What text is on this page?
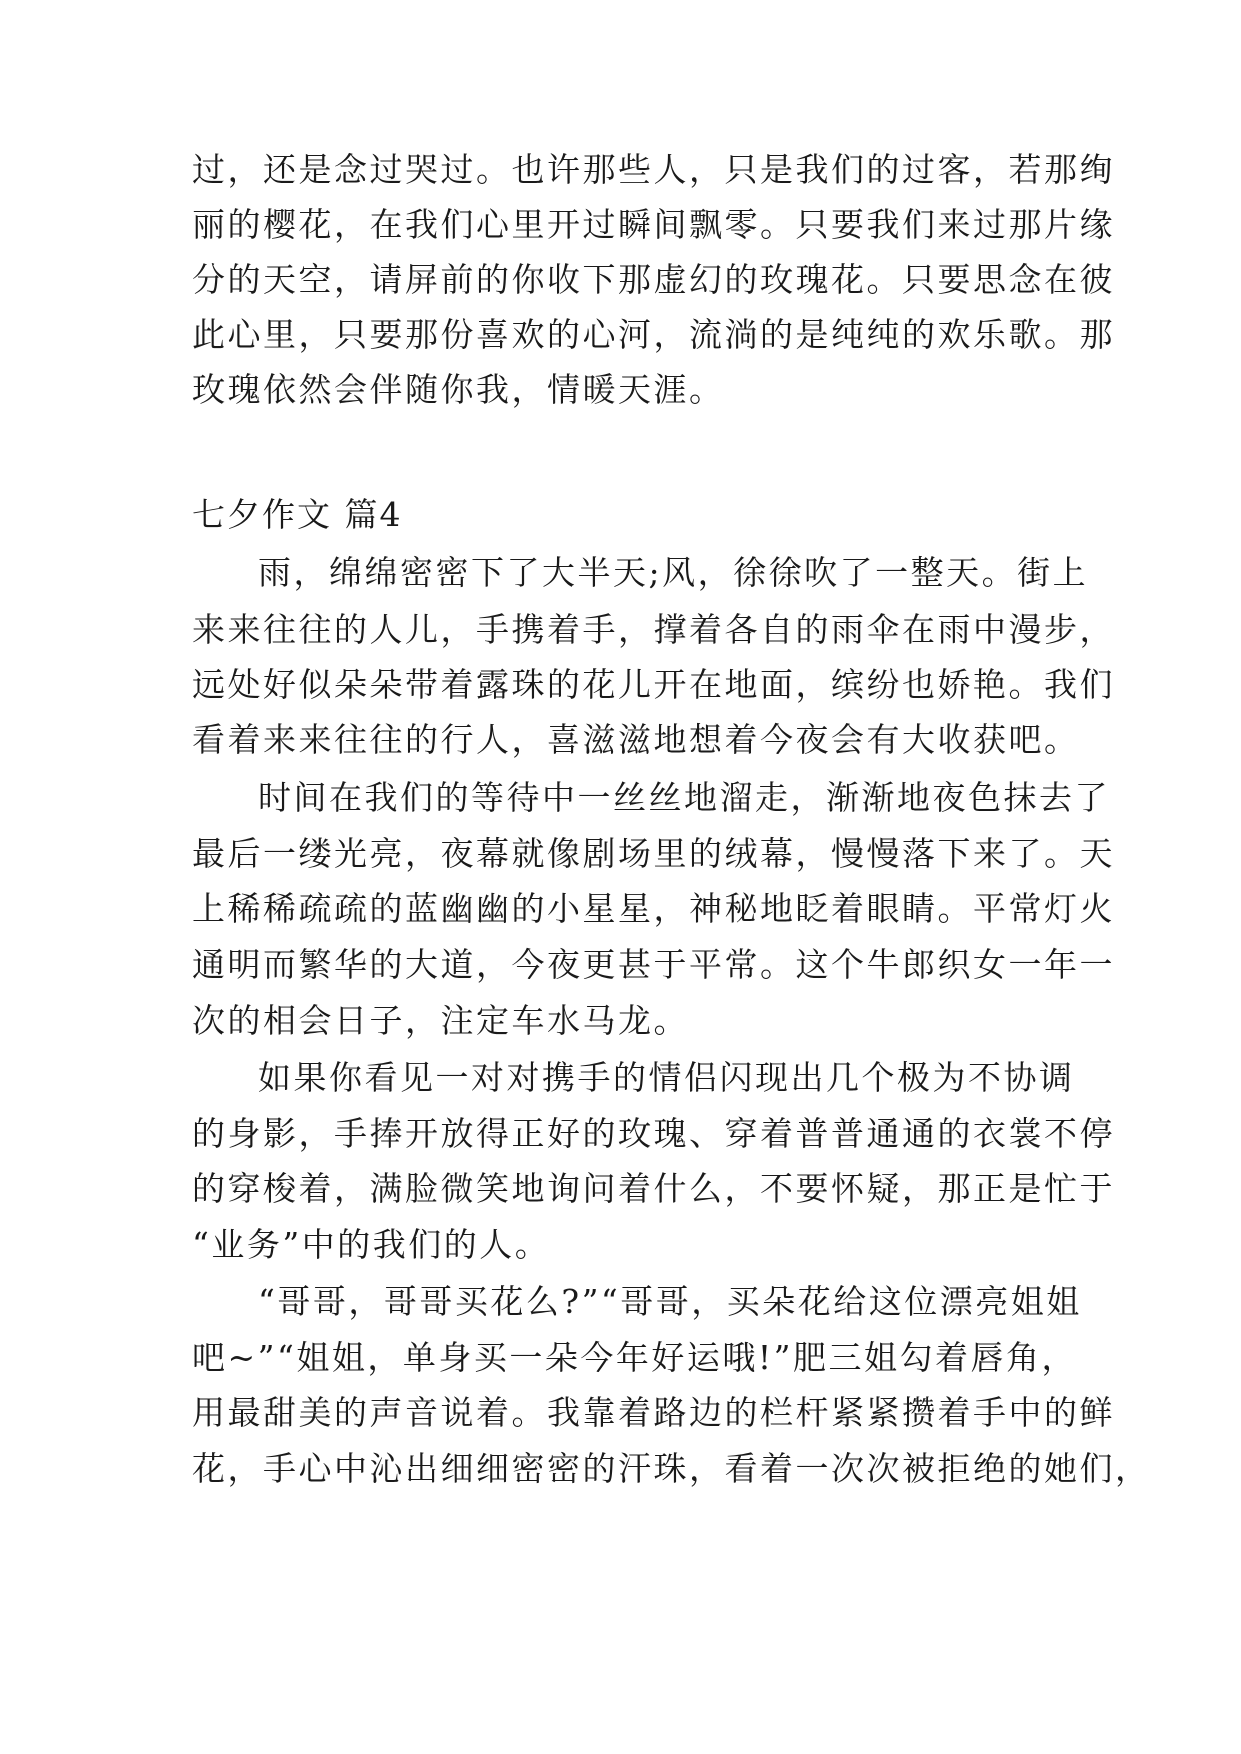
过，还是念过哭过。也许那些人，只是我们的过客，若那绚
丽的樱花，在我们心里开过瞬间飘零。只要我们来过那片缘
分的天空，请屏前的你收下那虚幻的玫瑰花。只要思念在彼
此心里，只要那份喜欢的心河，流淌的是纯纯的欢乐歌。那
玫瑰依然会伴随你我，情暖天涯。
七夕作文 篇4
雨，绵绵密密下了大半天;风，徐徐吹了一整天。街上
来来往往的人儿，手携着手，撑着各自的雨伞在雨中漫步，
远处好似朵朵带着露珠的花儿开在地面，缤纷也娇艳。我们
看着来来往往的行人，喜滋滋地想着今夜会有大收获吧。
时间在我们的等待中一丝丝地溜走，渐渐地夜色抹去了
最后一缕光亮，夜幕就像剧场里的绒幕，慢慢落下来了。天
上稀稀疏疏的蓝幽幽的小星星，神秘地眨着眼睛。平常灯火
通明而繁华的大道，今夜更甚于平常。这个牛郎织女一年一
次的相会日子，注定车水马龙。
如果你看见一对对携手的情侣闪现出几个极为不协调
的身影，手捧开放得正好的玫瑰、穿着普普通通的衣裳不停
的穿梭着，满脸微笑地询问着什么，不要怀疑，那正是忙于
“业务”中的我们的人。
“哥哥，哥哥买花么?”“哥哥，买朵花给这位漂亮姐姐
吧~”“姐姐，单身买一朵今年好运哦!”肥三姐勾着唇角，
用最甜美的声音说着。我靠着路边的栏杆紧紧攒着手中的鲜
花，手心中沁出细细密密的汗珠，看着一次次被拒绝的她们，
